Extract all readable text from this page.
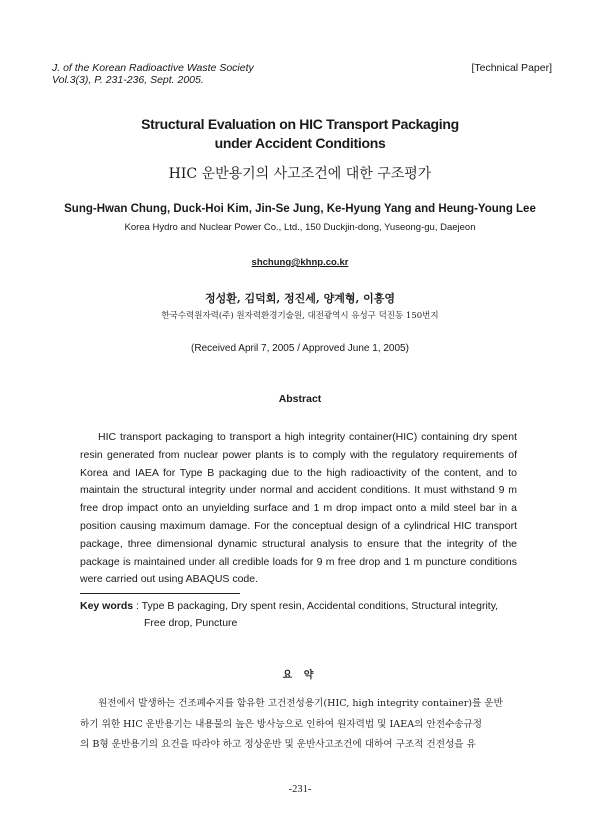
J. of the Korean Radioactive Waste Society
Vol.3(3), P. 231-236, Sept. 2005.
[Technical Paper]
Structural Evaluation on HIC Transport Packaging
under Accident Conditions
HIC 운반용기의 사고조건에 대한 구조평가
Sung-Hwan Chung, Duck-Hoi Kim, Jin-Se Jung, Ke-Hyung Yang and Heung-Young Lee
Korea Hydro and Nuclear Power Co., Ltd., 150 Duckjin-dong, Yuseong-gu, Daejeon
shchung@khnp.co.kr
정성환, 김덕회, 정진세, 양계형, 이흥영
한국수력원자력(주) 원자력환경기술원, 대전광역시 유성구 덕진동 150번지
(Received April 7, 2005 / Approved June 1, 2005)
Abstract

HIC transport packaging to transport a high integrity container(HIC) containing dry spent resin generated from nuclear power plants is to comply with the regulatory requirements of Korea and IAEA for Type B packaging due to the high radioactivity of the content, and to maintain the structural integrity under normal and accident conditions. It must withstand 9 m free drop impact onto an unyielding surface and 1 m drop impact onto a mild steel bar in a position causing maximum damage. For the conceptual design of a cylindrical HIC transport package, three dimensional dynamic structural analysis to ensure that the integrity of the package is maintained under all credible loads for 9 m free drop and 1 m puncture conditions were carried out using ABAQUS code.

Key words : Type B packaging, Dry spent resin, Accidental conditions, Structural integrity,
Free drop, Puncture
요 약
원전에서 발생하는 건조폐수지를 함유한 고건전성용기(HIC, high integrity container)를 운반
하기 위한 HIC 운반용기는 내용물의 높은 방사능으로 인하여 원자력법 및 IAEA의 안전수송규정
의 B형 운반용기의 요건을 따라야 하고 정상운반 및 운반사고조건에 대하여 구조적 건전성을 유
-231-
